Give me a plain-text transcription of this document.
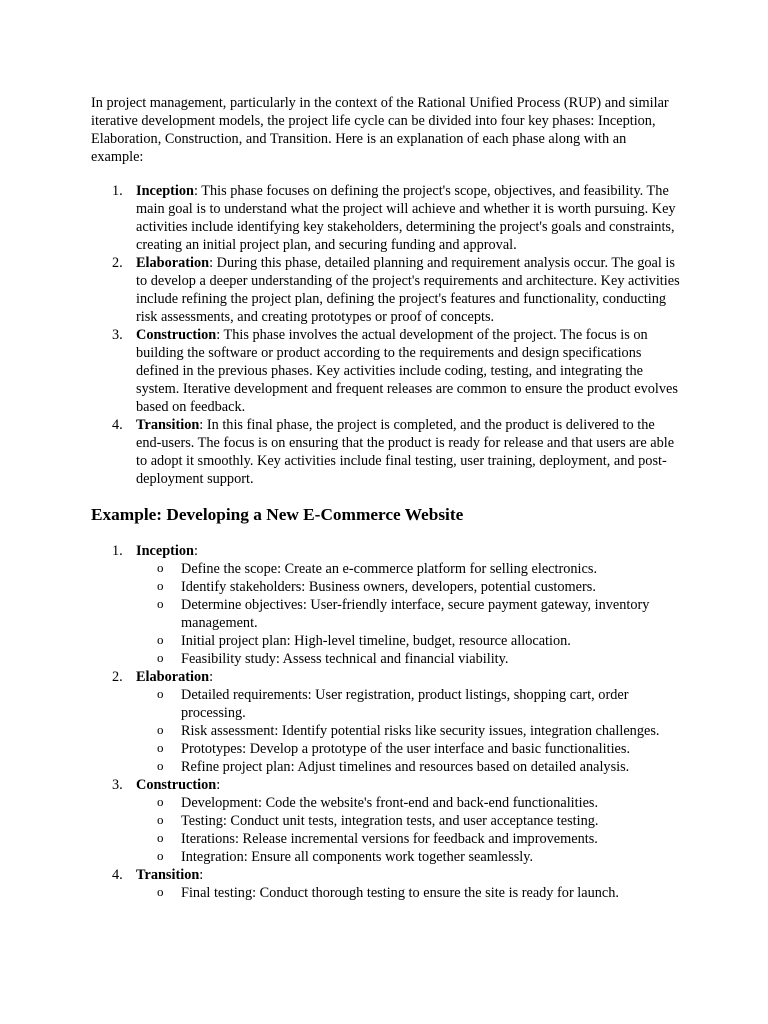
In project management, particularly in the context of the Rational Unified Process (RUP) and similar iterative development models, the project life cycle can be divided into four key phases: Inception, Elaboration, Construction, and Transition. Here is an explanation of each phase along with an example:

1. Inception: This phase focuses on defining the project's scope, objectives, and feasibility. The main goal is to understand what the project will achieve and whether it is worth pursuing. Key activities include identifying key stakeholders, determining the project's goals and constraints, creating an initial project plan, and securing funding and approval.
2. Elaboration: During this phase, detailed planning and requirement analysis occur. The goal is to develop a deeper understanding of the project's requirements and architecture. Key activities include refining the project plan, defining the project's features and functionality, conducting risk assessments, and creating prototypes or proof of concepts.
3. Construction: This phase involves the actual development of the project. The focus is on building the software or product according to the requirements and design specifications defined in the previous phases. Key activities include coding, testing, and integrating the system. Iterative development and frequent releases are common to ensure the product evolves based on feedback.
4. Transition: In this final phase, the project is completed, and the product is delivered to the end-users. The focus is on ensuring that the product is ready for release and that users are able to adopt it smoothly. Key activities include final testing, user training, deployment, and post-deployment support.
Example: Developing a New E-Commerce Website
1. Inception:
o Define the scope: Create an e-commerce platform for selling electronics.
o Identify stakeholders: Business owners, developers, potential customers.
o Determine objectives: User-friendly interface, secure payment gateway, inventory management.
o Initial project plan: High-level timeline, budget, resource allocation.
o Feasibility study: Assess technical and financial viability.
2. Elaboration:
o Detailed requirements: User registration, product listings, shopping cart, order processing.
o Risk assessment: Identify potential risks like security issues, integration challenges.
o Prototypes: Develop a prototype of the user interface and basic functionalities.
o Refine project plan: Adjust timelines and resources based on detailed analysis.
3. Construction:
o Development: Code the website's front-end and back-end functionalities.
o Testing: Conduct unit tests, integration tests, and user acceptance testing.
o Iterations: Release incremental versions for feedback and improvements.
o Integration: Ensure all components work together seamlessly.
4. Transition:
o Final testing: Conduct thorough testing to ensure the site is ready for launch.
